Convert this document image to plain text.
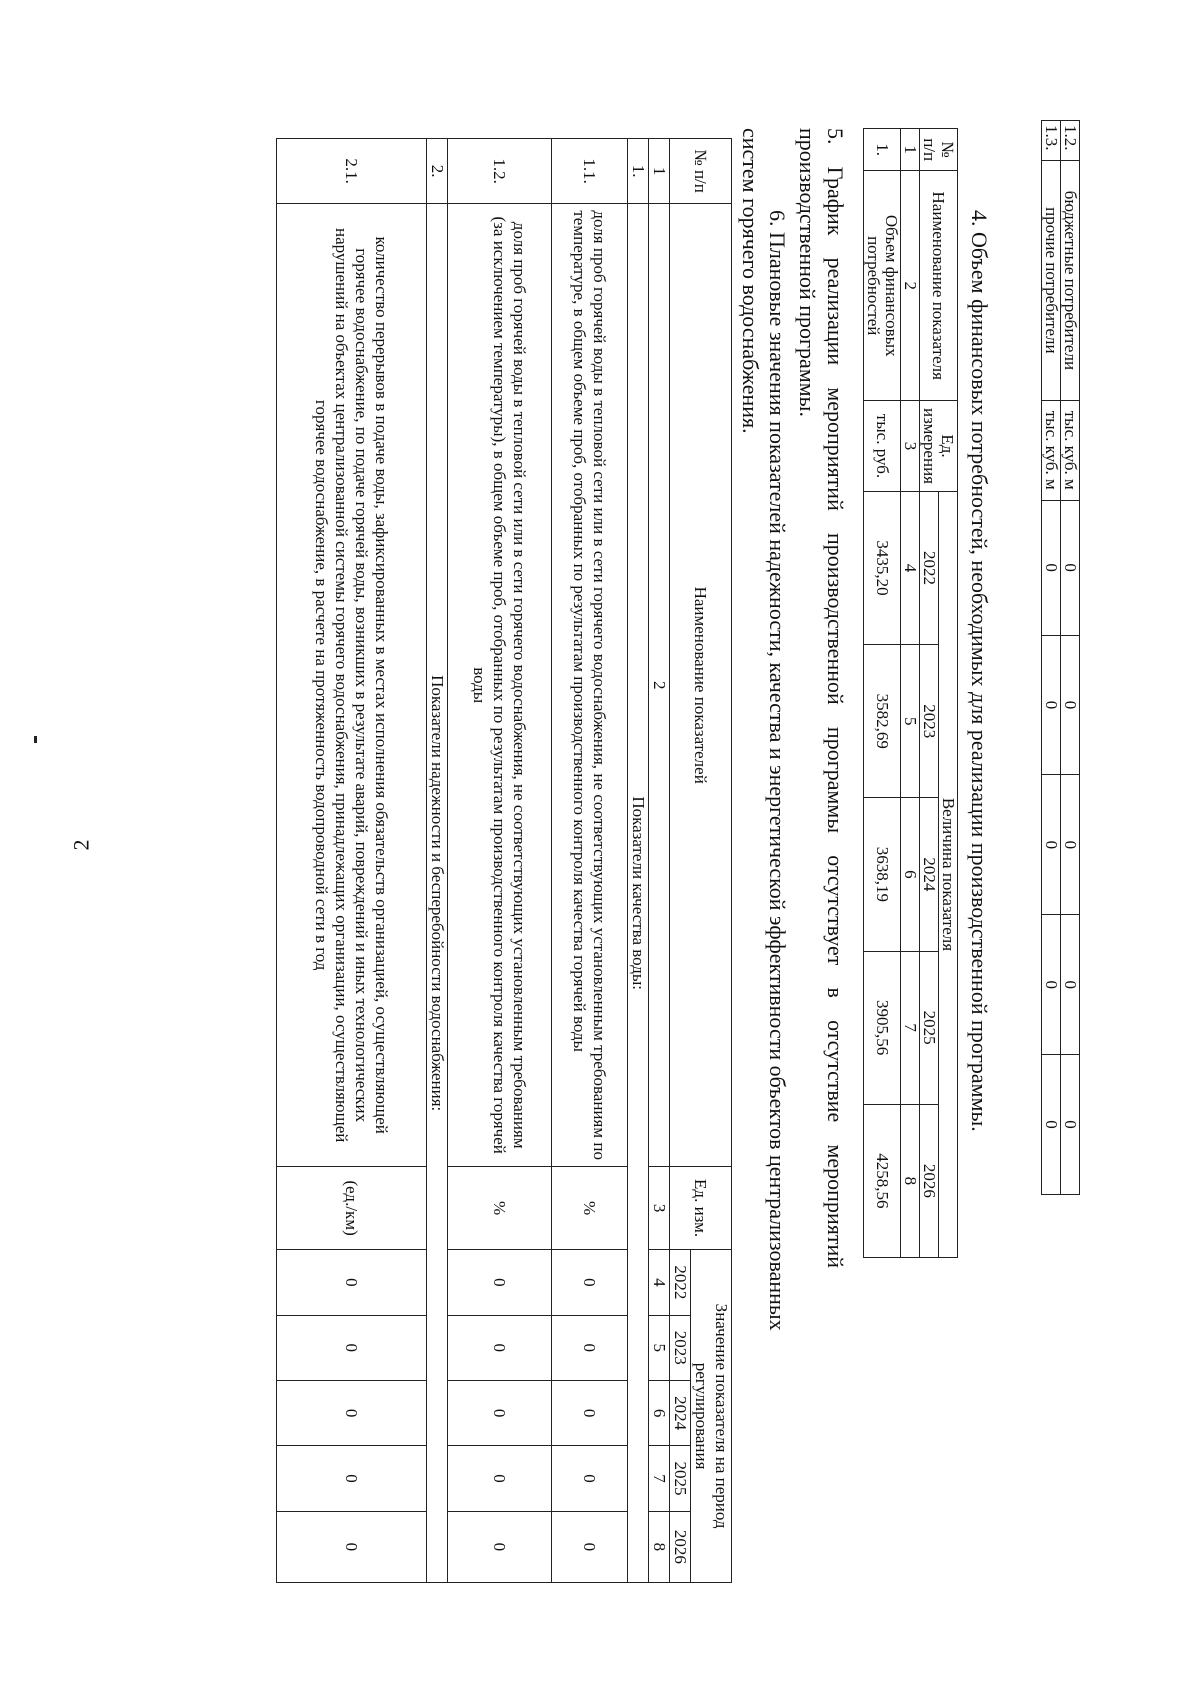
2
1.2.	бюджетные потребители	тыс. куб. м	0	0	0	0	0
1.3.	прочие потребители	тыс. куб. м	0	0	0	0	0
4. Объем финансовых потребностей, необходимых для реализации производственной программы.
№ п/п	Наименование показателя	Ед. измерения	Величина показателя				
			2022	2023	2024	2025	2026
1	2	3	4	5	6	7	8
1.	Объем финансовых потребностей	тыс. руб.	3435,20	3582,69	3638,19	3905,56	4258,56
5. График реализации мероприятий производственной программы отсутствует в отсутствие мероприятий
производственной программы.
6. Плановые значения показателей надежности, качества и энергетической эффективности объектов централизованных
систем горячего водоснабжения.
№ п/п	Наименование показателей	Ед. изм.	Значение показателя на период регулирования				
			2022	2023	2024	2025	2026
1	2	3	4	5	6	7	8
1.	Показатели качества воды:						
1.1.	доля проб горячей воды в тепловой сети или в сети горячего водоснабжения, не соответствующих установленным требованиям по температуре, в общем объеме проб, отобранных по результатам производственного контроля качества горячей воды	%	0	0	0	0	0
1.2.	доля проб горячей воды в тепловой сети или в сети горячего водоснабжения, не соответствующих установленным требованиям (за исключением температуры), в общем объеме проб, отобранных по результатам производственного контроля качества горячей воды	%	0	0	0	0	0
2.	Показатели надежности и бесперебойности водоснабжения:						
2.1.	количество перерывов в подаче воды, зафиксированных в местах исполнения обязательств организацией, осуществляющей горячее водоснабжение, по подаче горячей воды, возникших в результате аварий, повреждений и иных технологических нарушений на объектах централизованной системы горячего водоснабжения, принадлежащих организации, осуществляющей горячее водоснабжение, в расчете на протяженность водопроводной сети в год	(ед./км)	0	0	0	0	0
